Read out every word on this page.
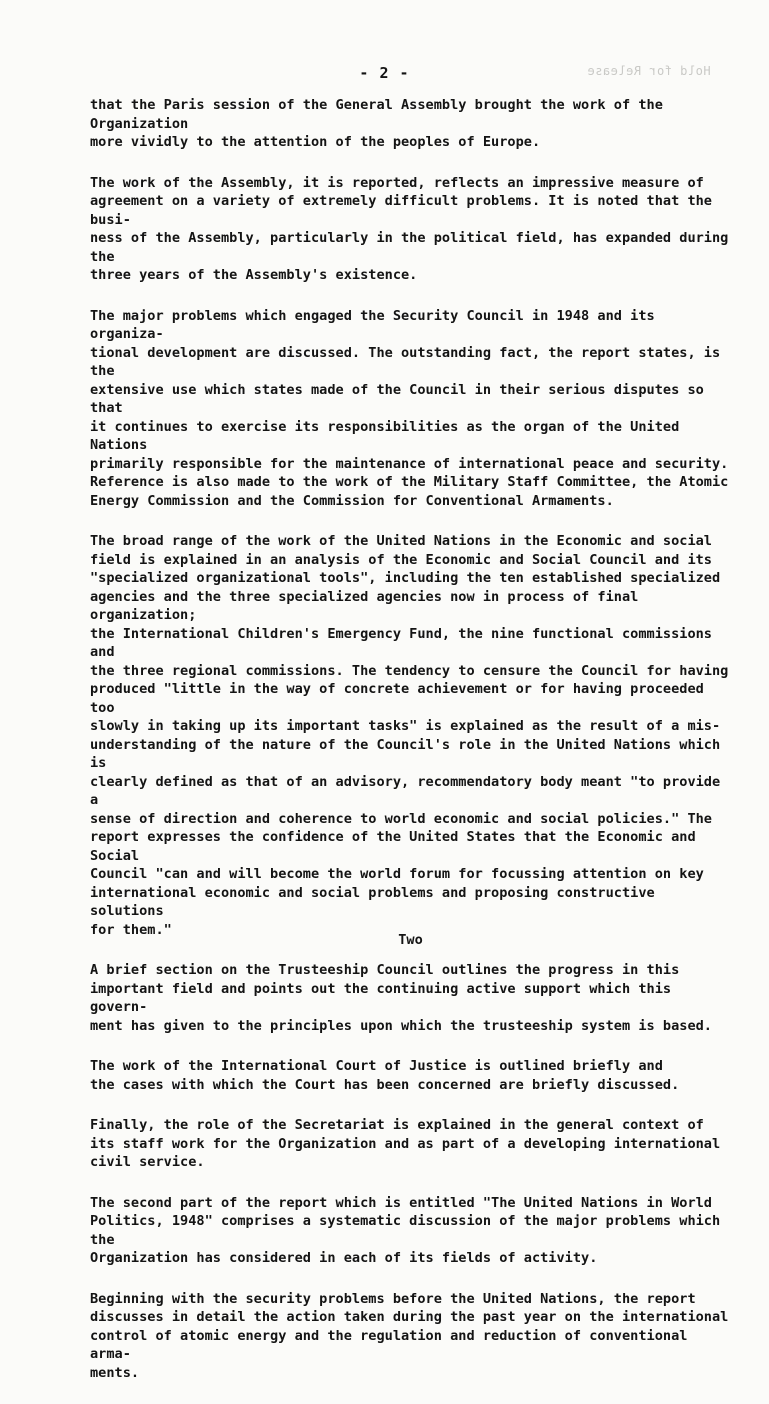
Hold for Release
- 2 -

that the Paris session of the General Assembly brought the work of the Organization
more vividly to the attention of the peoples of Europe.

The work of the Assembly, it is reported, reflects an impressive measure of
agreement on a variety of extremely difficult problems. It is noted that the busi-
ness of the Assembly, particularly in the political field, has expanded during the
three years of the Assembly's existence.

The major problems which engaged the Security Council in 1948 and its organiza-
tional development are discussed. The outstanding fact, the report states, is the
extensive use which states made of the Council in their serious disputes so that
it continues to exercise its responsibilities as the organ of the United Nations
primarily responsible for the maintenance of international peace and security.
Reference is also made to the work of the Military Staff Committee, the Atomic
Energy Commission and the Commission for Conventional Armaments.

The broad range of the work of the United Nations in the Economic and social
field is explained in an analysis of the Economic and Social Council and its
"specialized organizational tools", including the ten established specialized
agencies and the three specialized agencies now in process of final organization;
the International Children's Emergency Fund, the nine functional commissions and
the three regional commissions. The tendency to censure the Council for having
produced "little in the way of concrete achievement or for having proceeded too
slowly in taking up its important tasks" is explained as the result of a mis-
understanding of the nature of the Council's role in the United Nations which is
clearly defined as that of an advisory, recommendatory body meant "to provide a
sense of direction and coherence to world economic and social policies." The
report expresses the confidence of the United States that the Economic and Social
Council "can and will become the world forum for focussing attention on key
international economic and social problems and proposing constructive solutions
for them."

A brief section on the Trusteeship Council outlines the progress in this
important field and points out the continuing active support which this govern-
ment has given to the principles upon which the trusteeship system is based.

The work of the International Court of Justice is outlined briefly and
the cases with which the Court has been concerned are briefly discussed.

Finally, the role of the Secretariat is explained in the general context of
its staff work for the Organization and as part of a developing international
civil service.

The second part of the report which is entitled "The United Nations in World
Politics, 1948" comprises a systematic discussion of the major problems which the
Organization has considered in each of its fields of activity.

Beginning with the security problems before the United Nations, the report
discusses in detail the action taken during the past year on the international
control of atomic energy and the regulation and reduction of conventional arma-
ments.

Two
